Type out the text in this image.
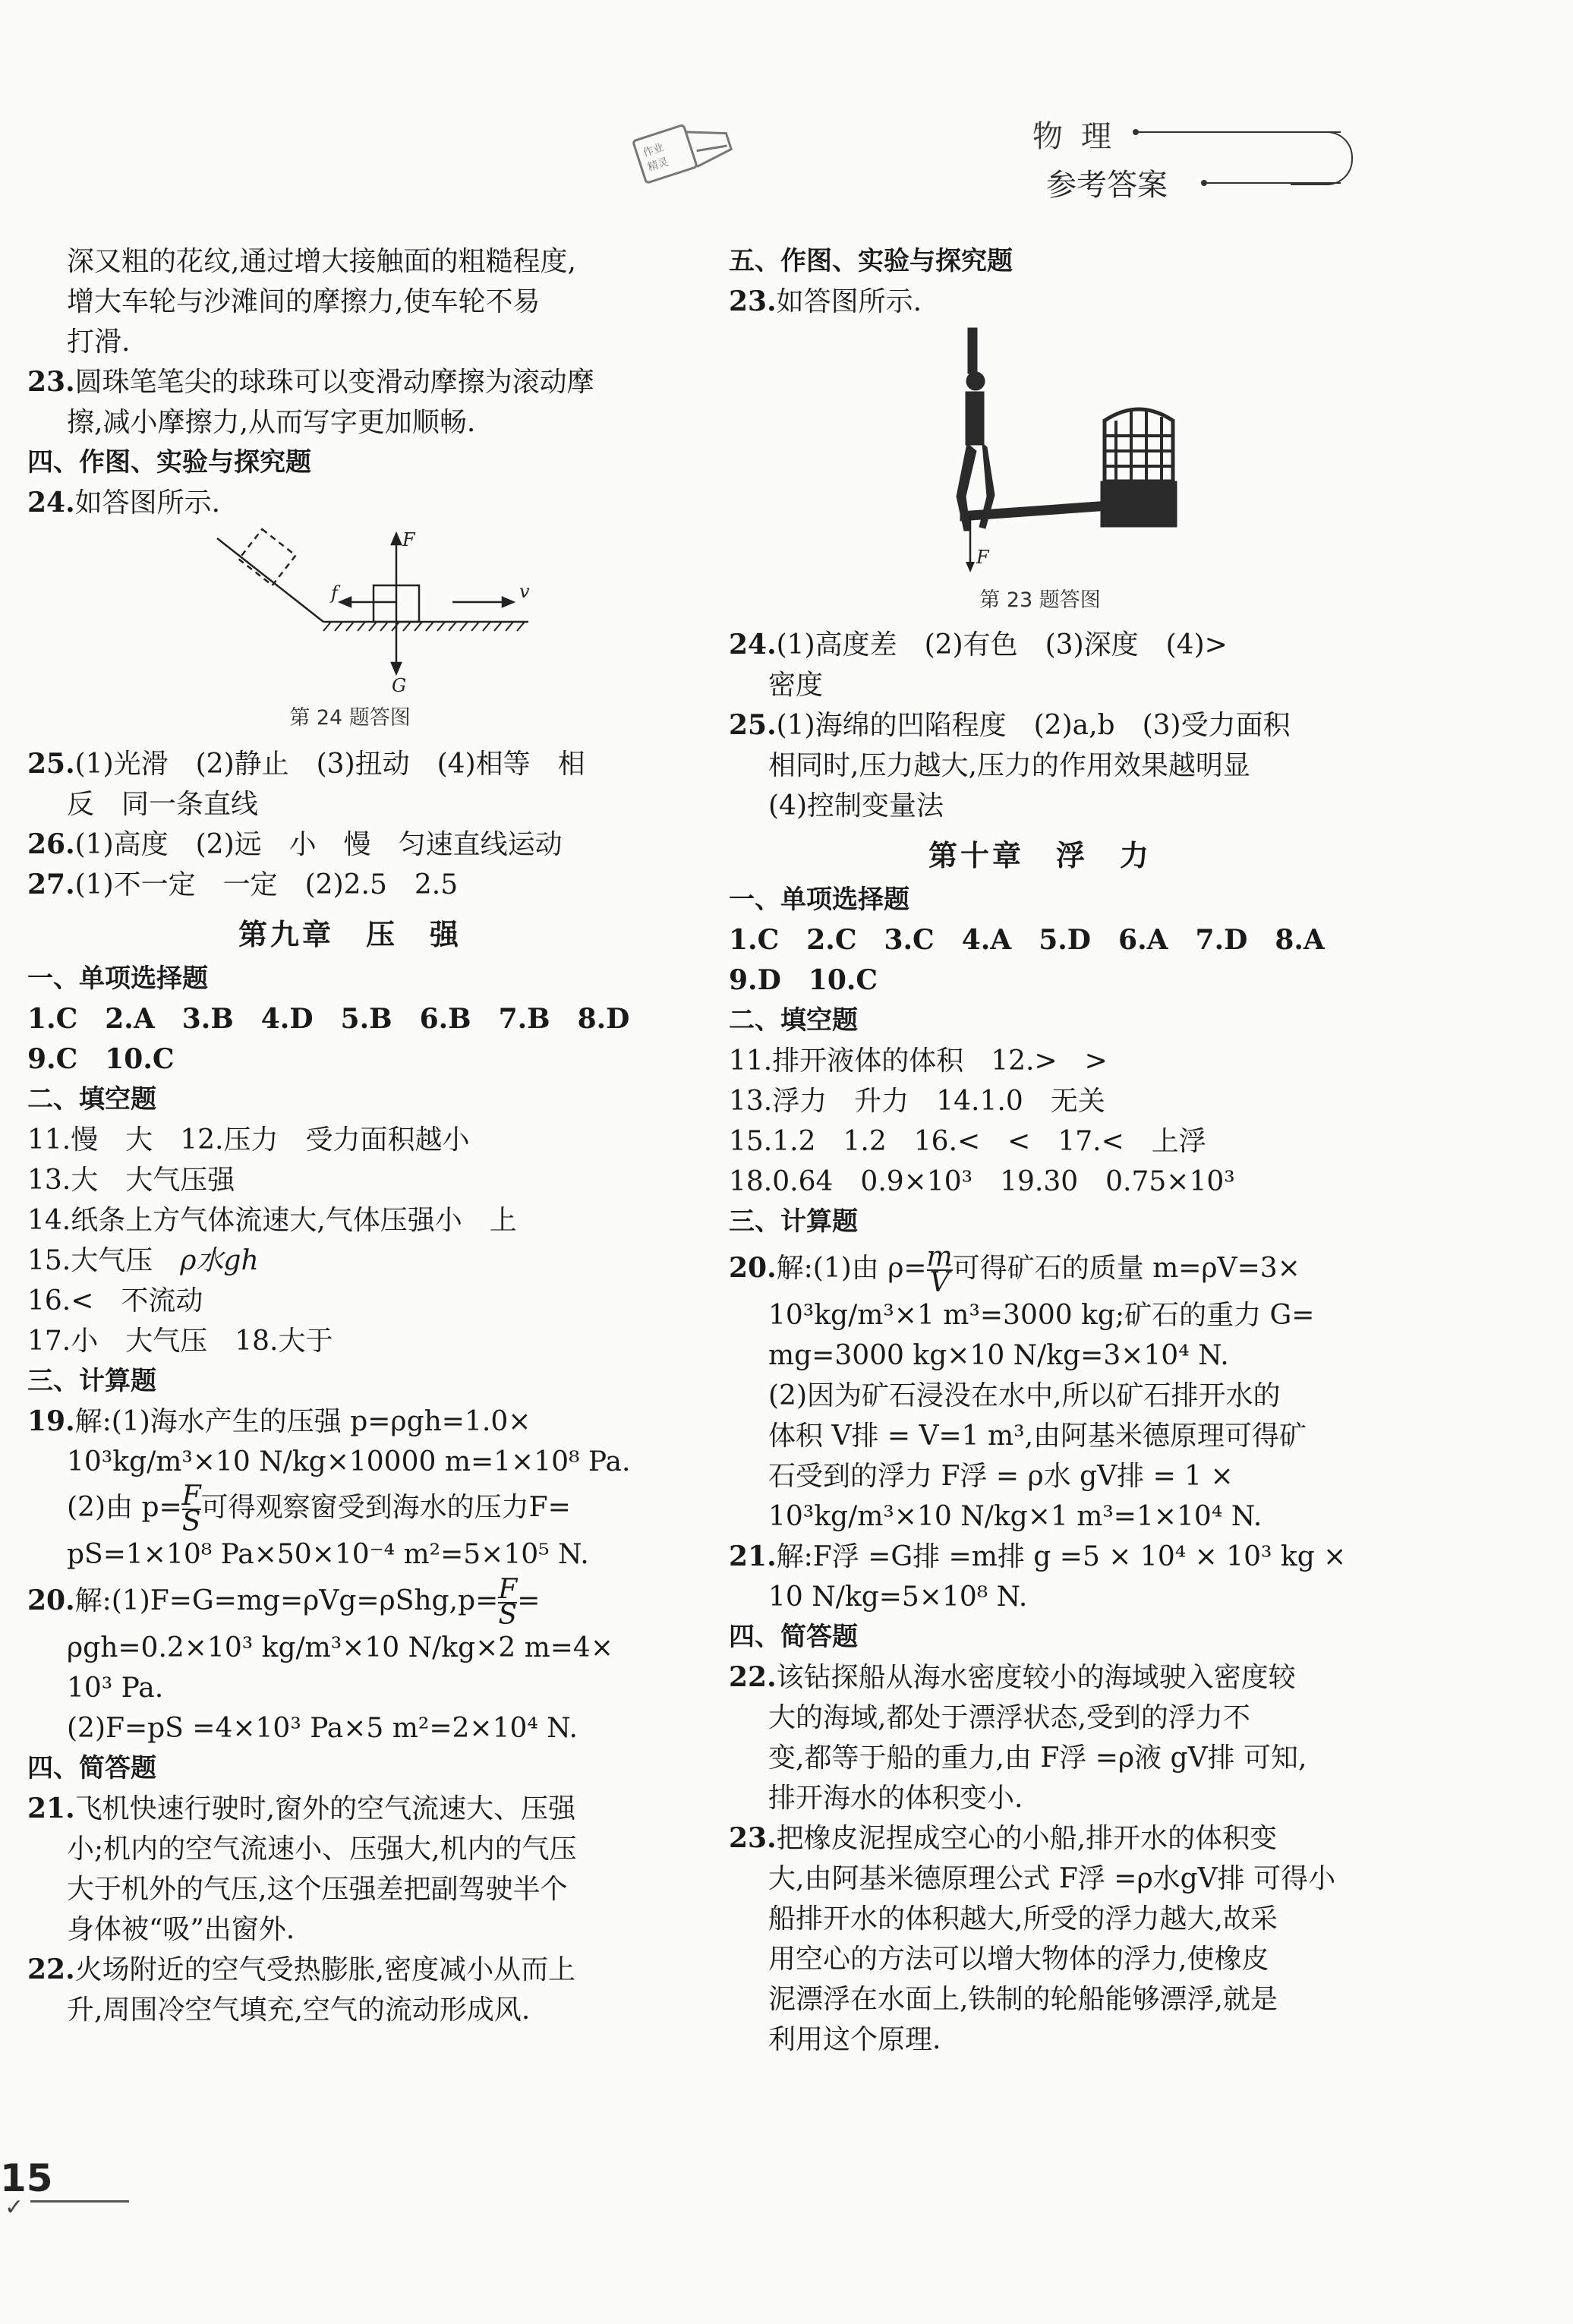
物理
参考答案
作业
精灵
深又粗的花纹,通过增大接触面的粗糙程度,
增大车轮与沙滩间的摩擦力,使车轮不易
打滑.
23.圆珠笔笔尖的球珠可以变滑动摩擦为滚动摩
擦,减小摩擦力,从而写字更加顺畅.
四、作图、实验与探究题
24.如答图所示.
F
G
f	v
第 24 题答图
25.(1)光滑　(2)静止　(3)扭动　(4)相等　相
反　同一条直线
26.(1)高度　(2)远　小　慢　匀速直线运动
27.(1)不一定　一定　(2)2.5　2.5
第九章　压　强
一、单项选择题
1.C　2.A　3.B　4.D　5.B　6.B　7.B　8.D
9.C　10.C
二、填空题
11.慢　大　12.压力　受力面积越小
13.大　大气压强
14.纸条上方气体流速大,气体压强小　上
15.大气压　ρ水gh
16.<　不流动
17.小　大气压　18.大于
三、计算题
19.解:(1)海水产生的压强 p=ρgh=1.0×
10³kg/m³×10 N/kg×10000 m=1×10⁸ Pa.
(2)由 $p= \frac{F}{S}$ 可得观察窗受到海水的压力F=
pS=1×10⁸ Pa×50×10⁻⁴ m²=5×10⁵ N.
20.解:(1)F=G=mg=ρVg=ρShg,p= $\frac{F}{S}$ =
ρgh=0.2×10³ kg/m³×10 N/kg×2 m=4×
10³ Pa.
(2)F=pS =4×10³ Pa×5 m²=2×10⁴ N.
四、简答题
21.飞机快速行驶时,窗外的空气流速大、压强
小;机内的空气流速小、压强大,机内的气压
大于机外的气压,这个压强差把副驾驶半个
身体被“吸”出窗外.
22.火场附近的空气受热膨胀,密度减小从而上
升,周围冷空气填充,空气的流动形成风.
五、作图、实验与探究题
23.如答图所示.
F
第 23 题答图
24.(1)高度差　(2)有色　(3)深度　(4)>
密度
25.(1)海绵的凹陷程度　(2)a,b　(3)受力面积
相同时,压力越大,压力的作用效果越明显
(4)控制变量法
第十章　浮　力
一、单项选择题
1.C　2.C　3.C　4.A　5.D　6.A　7.D　8.A
9.D　10.C
二、填空题
11.排开液体的体积　12.>　>
13.浮力　升力　14.1.0　无关
15.1.2　1.2　16.<　<　17.<　上浮
18.0.64　0.9×10³　19.30　0.75×10³
三、计算题
20.解:(1)由 $\rho= \frac{m}{V}$ 可得矿石的质量 m=ρV=3×
10³kg/m³×1 m³=3000 kg;矿石的重力 G=
mg=3000 kg×10 N/kg=3×10⁴ N.
(2)因为矿石浸没在水中,所以矿石排开水的
体积 V排 = V=1 m³,由阿基米德原理可得矿
石受到的浮力 F浮 = ρ水 gV排 = 1 ×
10³kg/m³×10 N/kg×1 m³=1×10⁴ N.
21.解:F浮 =G排 =m排 g =5 × 10⁴ × 10³ kg ×
10 N/kg=5×10⁸ N.
四、简答题
22.该钻探船从海水密度较小的海域驶入密度较
大的海域,都处于漂浮状态,受到的浮力不
变,都等于船的重力,由 F浮 =ρ液 gV排 可知,
排开海水的体积变小.
23.把橡皮泥捏成空心的小船,排开水的体积变
大,由阿基米德原理公式 F浮 =ρ水gV排 可得小
船排开水的体积越大,所受的浮力越大,故采
用空心的方法可以增大物体的浮力,使橡皮
泥漂浮在水面上,铁制的轮船能够漂浮,就是
利用这个原理.
15
✓
